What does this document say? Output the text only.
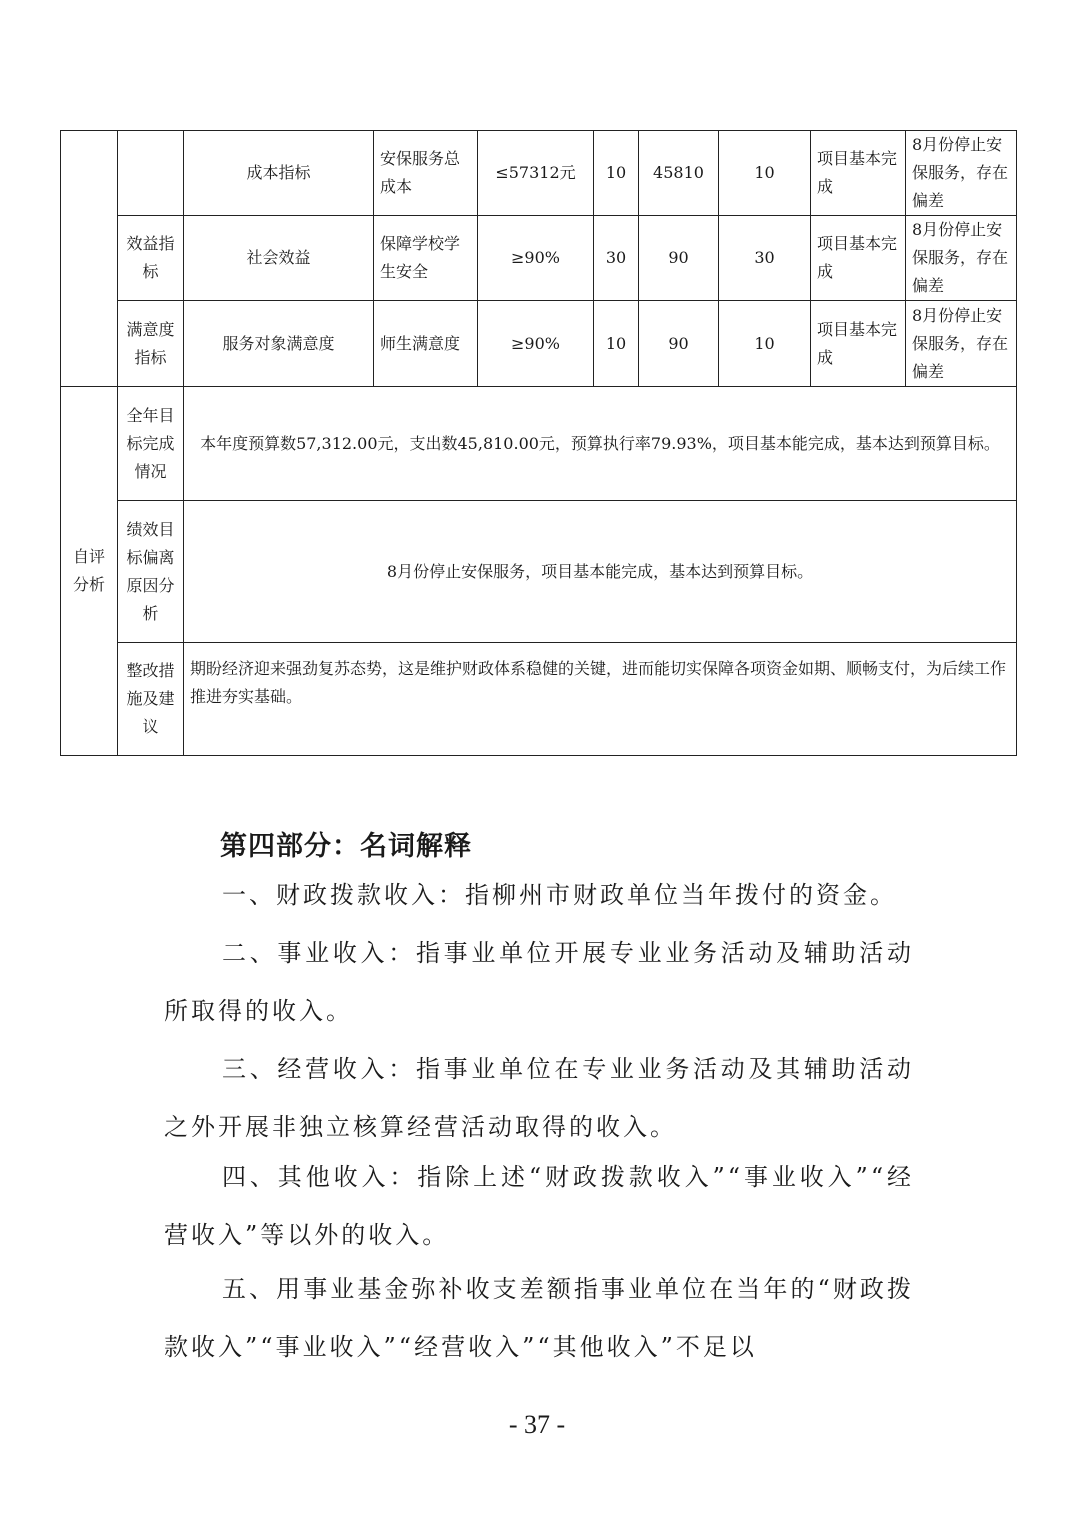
		成本指标	安保服务总成本	≤57312元	10	45810	10	项目基本完成	8月份停止安保服务，存在偏差
	效益指标	社会效益	保障学校学生安全	≥90%	30	90	30	项目基本完成	8月份停止安保服务，存在偏差
	满意度指标	服务对象满意度	师生满意度	≥90%	10	90	10	项目基本完成	8月份停止安保服务，存在偏差
自评分析	全年目标完成情况	本年度预算数57,312.00元，支出数45,810.00元，预算执行率79.93%，项目基本能完成，基本达到预算目标。							
	绩效目标偏离原因分析	8月份停止安保服务，项目基本能完成，基本达到预算目标。							
	整改措施及建议	期盼经济迎来强劲复苏态势，这是维护财政体系稳健的关键，进而能切实保障各项资金如期、顺畅支付，为后续工作推进夯实基础。							
第四部分：名词解释
一、财政拨款收入：指柳州市财政单位当年拨付的资金。
二、事业收入：指事业单位开展专业业务活动及辅助活动所取得的收入。
三、经营收入：指事业单位在专业业务活动及其辅助活动之外开展非独立核算经营活动取得的收入。
四、其他收入：指除上述“财政拨款收入”“事业收入”“经营收入”等以外的收入。
五、用事业基金弥补收支差额指事业单位在当年的“财政拨款收入”“事业收入”“经营收入”“其他收入”不足以
- 37 -
